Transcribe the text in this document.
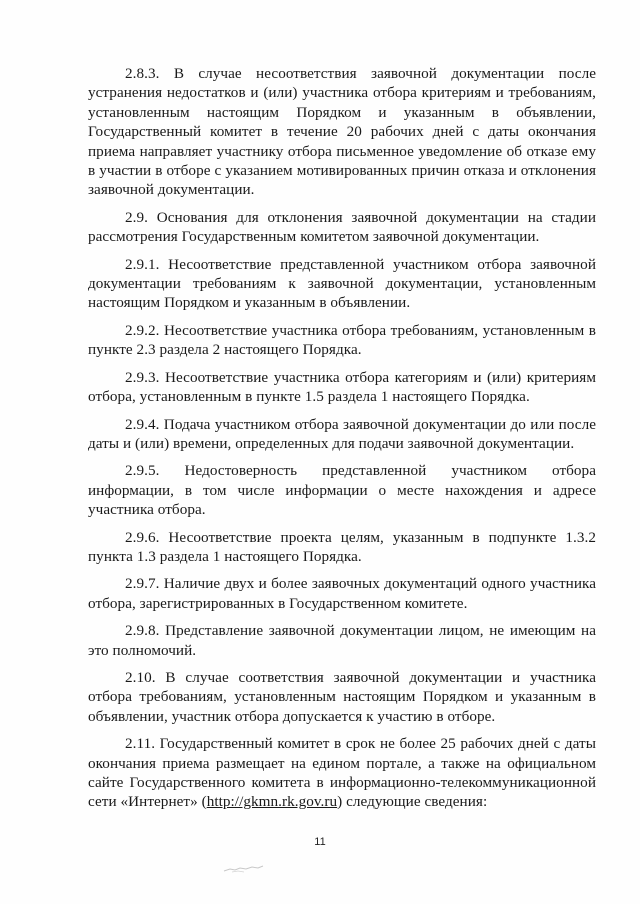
2.8.3. В случае несоответствия заявочной документации после устранения недостатков и (или) участника отбора критериям и требованиям, установленным настоящим Порядком и указанным в объявлении, Государственный комитет в течение 20 рабочих дней с даты окончания приема направляет участнику отбора письменное уведомление об отказе ему в участии в отборе с указанием мотивированных причин отказа и отклонения заявочной документации.

2.9. Основания для отклонения заявочной документации на стадии рассмотрения Государственным комитетом заявочной документации.

2.9.1. Несоответствие представленной участником отбора заявочной документации требованиям к заявочной документации, установленным настоящим Порядком и указанным в объявлении.

2.9.2. Несоответствие участника отбора требованиям, установленным в пункте 2.3 раздела 2 настоящего Порядка.

2.9.3. Несоответствие участника отбора категориям и (или) критериям отбора, установленным в пункте 1.5 раздела 1 настоящего Порядка.

2.9.4. Подача участником отбора заявочной документации до или после даты и (или) времени, определенных для подачи заявочной документации.

2.9.5. Недостоверность представленной участником отбора информации, в том числе информации о месте нахождения и адресе участника отбора.

2.9.6. Несоответствие проекта целям, указанным в подпункте 1.3.2 пункта 1.3 раздела 1 настоящего Порядка.

2.9.7. Наличие двух и более заявочных документаций одного участника отбора, зарегистрированных в Государственном комитете.

2.9.8. Представление заявочной документации лицом, не имеющим на это полномочий.

2.10. В случае соответствия заявочной документации и участника отбора требованиям, установленным настоящим Порядком и указанным в объявлении, участник отбора допускается к участию в отборе.

2.11. Государственный комитет в срок не более 25 рабочих дней с даты окончания приема размещает на едином портале, а также на официальном сайте Государственного комитета в информационно-телекоммуникационной сети «Интернет» (http://gkmn.rk.gov.ru) следующие сведения:

11
